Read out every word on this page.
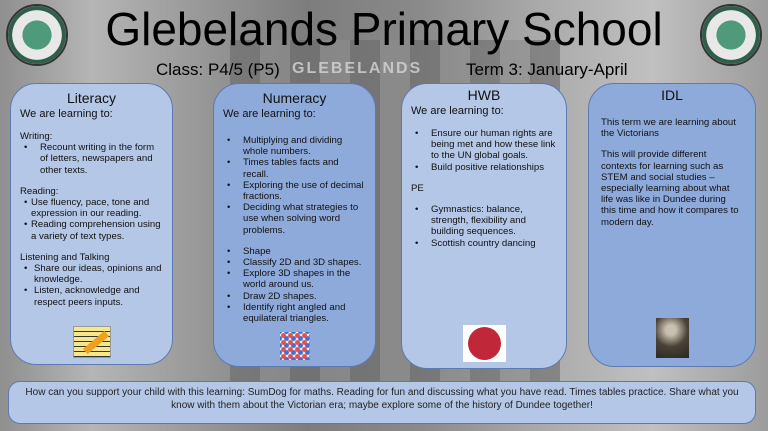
GLEBELANDS
Glebelands Primary School
Class: P4/5 (P5)	Term 3: January-April
Literacy
We are learning to:
Writing:
• Recount writing in the form of letters, newspapers and other texts.
Reading:
• Use fluency, pace, tone and expression in our reading.
• Reading comprehension using a variety of text types.
Listening and Talking
• Share our ideas, opinions and knowledge.
• Listen, acknowledge and respect peers inputs.
Numeracy
We are learning to:
• Multiplying and dividing whole numbers.
• Times tables facts and recall.
• Exploring the use of decimal fractions.
• Deciding what strategies to use when solving word problems.
• Shape
• Classify 2D and 3D shapes.
• Explore 3D shapes in the world around us.
• Draw 2D shapes.
• Identify right angled and equilateral triangles.
HWB
We are learning to:
• Ensure our human rights are being met and how these link to the UN global goals.
• Build positive relationships
PE
• Gymnastics: balance, strength, flexibility and building sequences.
• Scottish country dancing
IDL
This term we are learning about the Victorians
This will provide different contexts for learning such as STEM and social studies – especially learning about what life was like in Dundee during this time and how it compares to modern day.
How can you support your child with this learning: SumDog for maths. Reading for fun and discussing what you have read. Times tables practice. Share what you know with them about the Victorian era; maybe explore some of the history of Dundee together!
